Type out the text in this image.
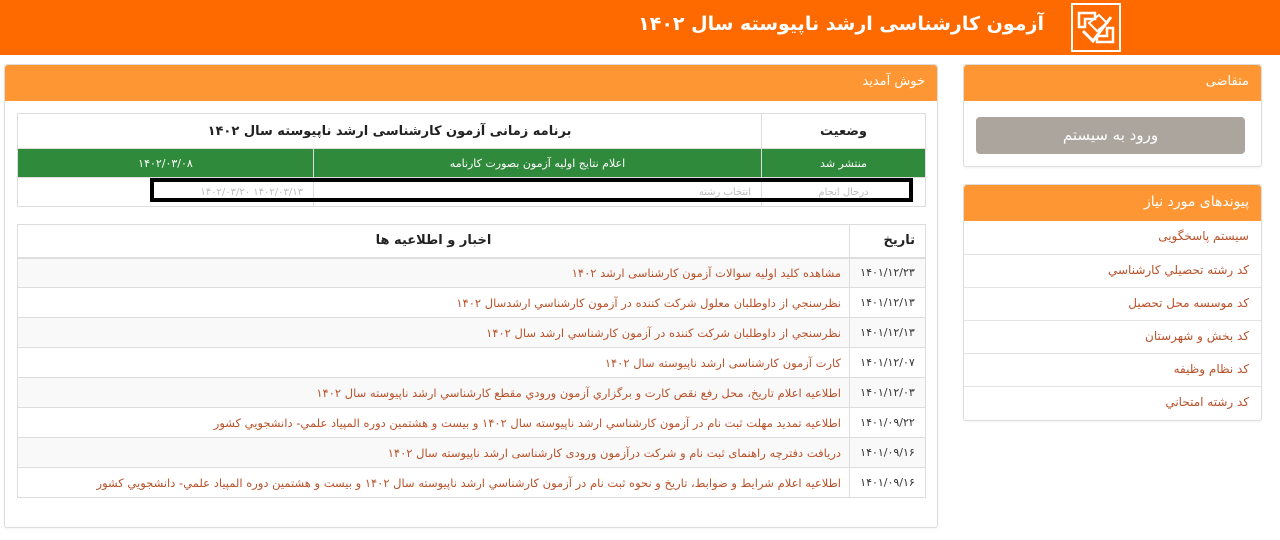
آزمون کارشناسی ارشد ناپیوسته سال ۱۴۰۲
خوش آمدید
وضعیت	برنامه زمانی آزمون کارشناسی ارشد ناپیوسته سال ۱۴۰۲	
منتشر شد	اعلام نتایج اولیه آزمون بصورت کارنامه	۱۴۰۲/۰۳/۰۸
درحال انجام	انتخاب رشته	۱۴۰۲/۰۳/۱۳ ۱۴۰۲/۰۳/۲۰
تاریخ	اخبار و اطلاعیه ها
۱۴۰۱/۱۲/۲۳	مشاهده کلید اولیه سوالات آزمون کارشناسی ارشد ۱۴۰۲
۱۴۰۱/۱۲/۱۳	نظرسنجي از داوطلبان معلول شركت كننده در آزمون كارشناسي ارشدسال ۱۴۰۲
۱۴۰۱/۱۲/۱۳	نظرسنجي از داوطلبان شركت كننده در آزمون كارشناسي ارشد سال ۱۴۰۲
۱۴۰۱/۱۲/۰۷	کارت آزمون کارشناسی ارشد ناپیوسته سال ۱۴۰۲
۱۴۰۱/۱۲/۰۳	اطلاعيه اعلام تاريخ، محل رفع نقص كارت و برگزاري آزمون ورودي مقطع كارشناسي ارشد ناپيوسته سال ۱۴۰۲
۱۴۰۱/۰۹/۲۲	اطلاعيه تمديد مهلت ثبت نام در آزمون كارشناسي ارشد ناپيوسته سال ۱۴۰۲ و بيست و هشتمين دوره المپياد علمي- دانشجويي كشور
۱۴۰۱/۰۹/۱۶	دریافت دفترچه راهنمای ثبت نام و شرکت درآزمون ورودی کارشناسی ارشد ناپیوسته سال ۱۴۰۲
۱۴۰۱/۰۹/۱۶	اطلاعيه اعلام شرايط و ضوابط، تاريخ و نحوه ثبت نام در آزمون كارشناسي ارشد ناپيوسته سال ۱۴۰۲ و بيست و هشتمين دوره المپياد علمي- دانشجويي كشور
متقاضی
ورود به سیستم
پیوندهای مورد نیاز
سیستم پاسخگویی
كد رشته تحصيلي كارشناسي
کد موسسه محل تحصیل
کد بخش و شهرستان
کد نظام وظیفه
كد رشته امتحاني
